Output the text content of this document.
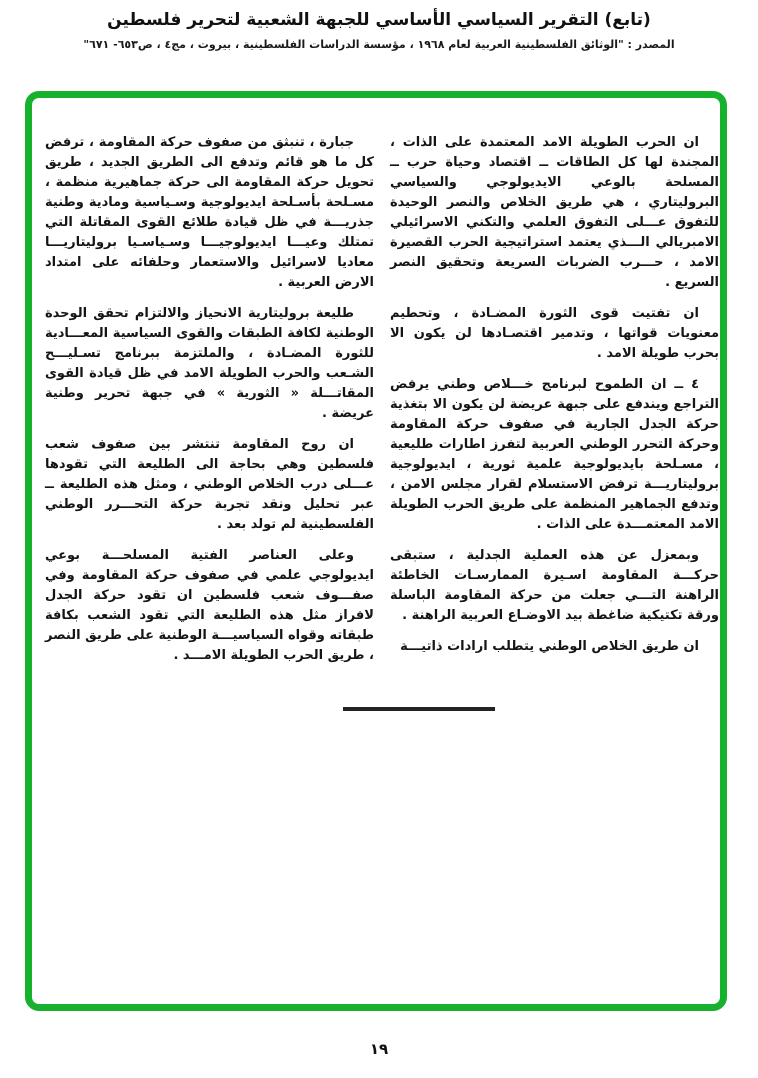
(تابع) التقرير السياسي الأساسي للجبهة الشعبية لتحرير فلسطين
المصدر : "الوثائق الفلسطينية العربية لعام ١٩٦٨ ، مؤسسة الدراسات الفلسطينية ، بيروت ، مج٤ ، ص٦٥٣- ٦٧١"

ان الحرب الطويلة الامد المعتمدة على الذات ، المجندة لها كل الطاقات ــ اقتصاد وحياة حرب ــ المسلحة بالوعي الايديولوجي والسياسي البروليتاري ، هي طريق الخلاص والنصر الوحيدة للتفوق عـــلى التفوق العلمي والتكني الاسرائيلي الامبريالي الـــذي يعتمد استراتيجية الحرب القصيرة الامد ، حـــرب الضربات السريعة وتحقيق النصر السريع .

ان تفتيت قوى الثورة المضـادة ، وتحطيم معنويات قواتها ، وتدمير اقتصـادها لن يكون الا بحرب طويلة الامد .

٤ ــ ان الطموح لبرنامج خـــلاص وطني يرفض التراجع ويندفع على جبهة عريضة لن يكون الا بتغذية حركة الجدل الجارية في صفوف حركة المقاومة وحركة التحرر الوطني العربية لتفرز اطارات طليعية ، مسـلحة بايديولوجية علمية ثورية ، ايديولوجية بروليتاريـــة ترفض الاستسلام لقرار مجلس الامن ، وتدفع الجماهير المنظمة على طريق الحرب الطويلة الامد المعتمـــدة على الذات .

وبمعزل عن هذه العملية الجدلية ، ستبقى حركـــة المقاومة اسـيرة الممارسـات الخاطئة الراهنة التـــي جعلت من حركة المقاومة الباسلة ورقة تكتيكية ضاغطة بيد الاوضـاع العربية الراهنة .

ان طريق الخلاص الوطني يتطلب ارادات ذاتيـــة

جبارة ، تنبثق من صفوف حركة المقاومة ، ترفض كل ما هو قائم وتدفع الى الطريق الجديد ، طريق تحويل حركة المقاومة الى حركة جماهيرية منظمة ، مسـلحة بأسـلحة ايديولوجية وسـياسية ومادية وطنية جذريـــة في ظل قيادة طلائع القوى المقاتلة التي تمتلك وعيـــا ايديولوجيـــا وسـياسـيا بروليتاريـــا معاديا لاسرائيل والاستعمار وحلفائه على امتداد الارض العربية .

طليعة بروليتارية الانحياز والالتزام تحقق الوحدة الوطنية لكافة الطبقات والقوى السياسية المعـــادية للثورة المضـادة ، والملتزمة ببرنامج تسـليـــح الشـعب والحرب الطويلة الامد في ظل قيادة القوى المقاتـــلة « الثورية » في جبهة تحرير وطنية عريضة .

ان روح المقاومة تنتشر بين صفوف شعب فلسطين وهي بحاجة الى الطليعة التي تقودها عـــلى درب الخلاص الوطني ، ومثل هذه الطليعة ــ عبر تحليل ونقد تجربة حركة التحـــرر الوطني الفلسطينية لم تولد بعد .

وعلى العناصر الفتية المسلحـــة بوعي ايديولوجي علمي في صفوف حركة المقاومة وفي صفـــوف شعب فلسطين ان تقود حركة الجدل لافراز مثل هذه الطليعة التي تقود الشعب بكافة طبقاته وقواه السياسيـــة الوطنية على طريق النصر ، طريق الحرب الطويلة الامـــد .

١٩
